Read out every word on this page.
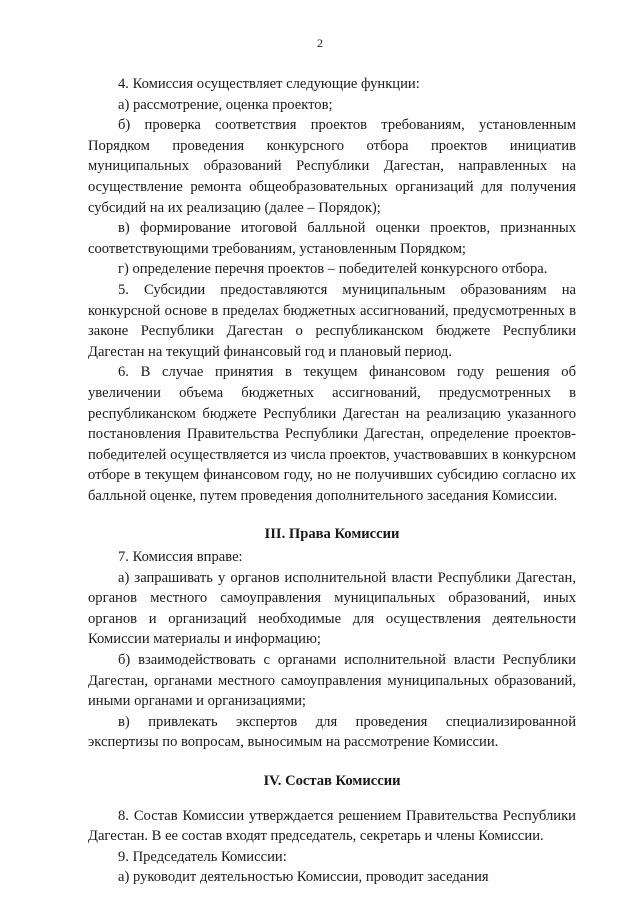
2

4. Комиссия осуществляет следующие функции:

а) рассмотрение, оценка проектов;

б) проверка соответствия проектов требованиям, установленным Порядком проведения конкурсного отбора проектов инициатив муниципальных образований Республики Дагестан, направленных на осуществление ремонта общеобразовательных организаций для получения субсидий на их реализацию (далее – Порядок);

в) формирование итоговой балльной оценки проектов, признанных соответствующими требованиям, установленным Порядком;

г) определение перечня проектов – победителей конкурсного отбора.

5. Субсидии предоставляются муниципальным образованиям на конкурсной основе в пределах бюджетных ассигнований, предусмотренных в законе Республики Дагестан о республиканском бюджете Республики Дагестан на текущий финансовый год и плановый период.

6. В случае принятия в текущем финансовом году решения об увеличении объема бюджетных ассигнований, предусмотренных в республиканском бюджете Республики Дагестан на реализацию указанного постановления Правительства Республики Дагестан, определение проектов-победителей осуществляется из числа проектов, участвовавших в конкурсном отборе в текущем финансовом году, но не получивших субсидию согласно их балльной оценке, путем проведения дополнительного заседания Комиссии.

III. Права Комиссии

7. Комиссия вправе:

а) запрашивать у органов исполнительной власти Республики Дагестан, органов местного самоуправления муниципальных образований, иных органов и организаций необходимые для осуществления деятельности Комиссии материалы и информацию;

б) взаимодействовать с органами исполнительной власти Республики Дагестан, органами местного самоуправления муниципальных образований, иными органами и организациями;

в) привлекать экспертов для проведения специализированной экспертизы по вопросам, выносимым на рассмотрение Комиссии.

IV. Состав Комиссии

8. Состав Комиссии утверждается решением Правительства Республики Дагестан. В ее состав входят председатель, секретарь и члены Комиссии.

9. Председатель Комиссии:

а) руководит деятельностью Комиссии, проводит заседания
